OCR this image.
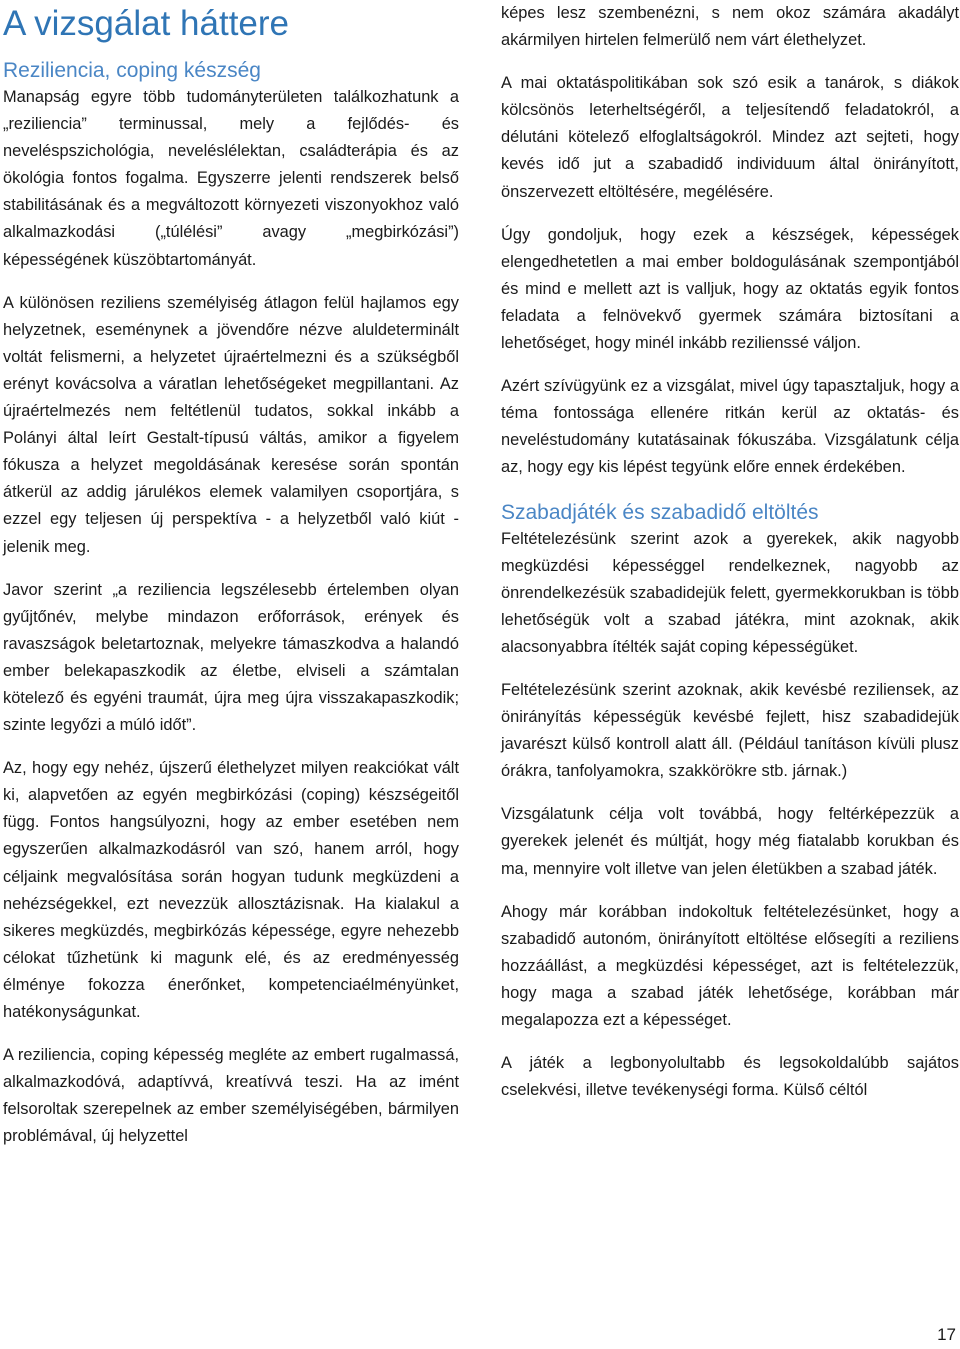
A vizsgálat háttere
Reziliencia, coping készség

Manapság egyre több tudományterületen találkozhatunk a „reziliencia” terminussal, mely a fejlődés- és neveléspszichológia, neveléslélektan, családterápia és az ökológia fontos fogalma. Egyszerre jelenti rendszerek belső stabilitásának és a megváltozott környezeti viszonyokhoz való alkalmazkodási („túlélési” avagy „megbirkózási”) képességének küszöbtartományát.

A különösen reziliens személyiség átlagon felül hajlamos egy helyzetnek, eseménynek a jövendőre nézve aluldeterminált voltát felismerni, a helyzetet újraértelmezni és a szükségből erényt kovácsolva a váratlan lehetőségeket megpillantani. Az újraértelmezés nem feltétlenül tudatos, sokkal inkább a Polányi által leírt Gestalt-típusú váltás, amikor a figyelem fókusza a helyzet megoldásának keresése során spontán átkerül az addig járulékos elemek valamilyen csoportjára, s ezzel egy teljesen új perspektíva - a helyzetből való kiút - jelenik meg.

Javor szerint „a reziliencia legszélesebb értelemben olyan gyűjtőnév, melybe mindazon erőforrások, erények és ravaszságok beletartoznak, melyekre támaszkodva a halandó ember belekapaszkodik az életbe, elviseli a számtalan kötelező és egyéni traumát, újra meg újra visszakapaszkodik; szinte legyőzi a múló időt”.

Az, hogy egy nehéz, újszerű élethelyzet milyen reakciókat vált ki, alapvetően az egyén megbirkózási (coping) készségeitől függ. Fontos hangsúlyozni, hogy az ember esetében nem egyszerűen alkalmazkodásról van szó, hanem arról, hogy céljaink megvalósítása során hogyan tudunk megküzdeni a nehézségekkel, ezt nevezzük allosztázisnak. Ha kialakul a sikeres megküzdés, megbirkózás képessége, egyre nehezebb célokat tűzhetünk ki magunk elé, és az eredményesség élménye fokozza énerőnket, kompetenciaélményünket, hatékonyságunkat.

A reziliencia, coping képesség megléte az embert rugalmassá, alkalmazkodóvá, adaptívvá, kreatívvá teszi. Ha az imént felsoroltak szerepelnek az ember személyiségében, bármilyen problémával, új helyzettel

képes lesz szembenézni, s nem okoz számára akadályt akármilyen hirtelen felmerülő nem várt élethelyzet.

A mai oktatáspolitikában sok szó esik a tanárok, s diákok kölcsönös leterheltségéről, a teljesítendő feladatokról, a délutáni kötelező elfoglaltságokról. Mindez azt sejteti, hogy kevés idő jut a szabadidő individuum által önirányított, önszervezett eltöltésére, megélésére.

Úgy gondoljuk, hogy ezek a készségek, képességek elengedhetetlen a mai ember boldogulásának szempontjából és mind e mellett azt is valljuk, hogy az oktatás egyik fontos feladata a felnövekvő gyermek számára biztosítani a lehetőséget, hogy minél inkább rezilienssé váljon.

Azért szívügyünk ez a vizsgálat, mivel úgy tapasztaljuk, hogy a téma fontossága ellenére ritkán kerül az oktatás- és neveléstudomány kutatásainak fókuszába. Vizsgálatunk célja az, hogy egy kis lépést tegyünk előre ennek érdekében.

Szabadjáték és szabadidő eltöltés

Feltételezésünk szerint azok a gyerekek, akik nagyobb megküzdési képességgel rendelkeznek, nagyobb az önrendelkezésük szabadidejük felett, gyermekkorukban is több lehetőségük volt a szabad játékra, mint azoknak, akik alacsonyabbra ítélték saját coping képességüket.

Feltételezésünk szerint azoknak, akik kevésbé reziliensek, az önirányítás képességük kevésbé fejlett, hisz szabadidejük javarészt külső kontroll alatt áll. (Például tanításon kívüli plusz órákra, tanfolyamokra, szakkörökre stb. járnak.)

Vizsgálatunk célja volt továbbá, hogy feltérképezzük a gyerekek jelenét és múltját, hogy még fiatalabb korukban és ma, mennyire volt illetve van jelen életükben a szabad játék.

Ahogy már korábban indokoltuk feltételezésünket, hogy a szabadidő autonóm, önirányított eltöltése elősegíti a reziliens hozzáállást, a megküzdési képességet, azt is feltételezzük, hogy maga a szabad játék lehetősége, korábban már megalapozza ezt a képességet.

A játék a legbonyolultabb és legsokoldalúbb sajátos cselekvési, illetve tevékenységi forma. Külső céltól

17
